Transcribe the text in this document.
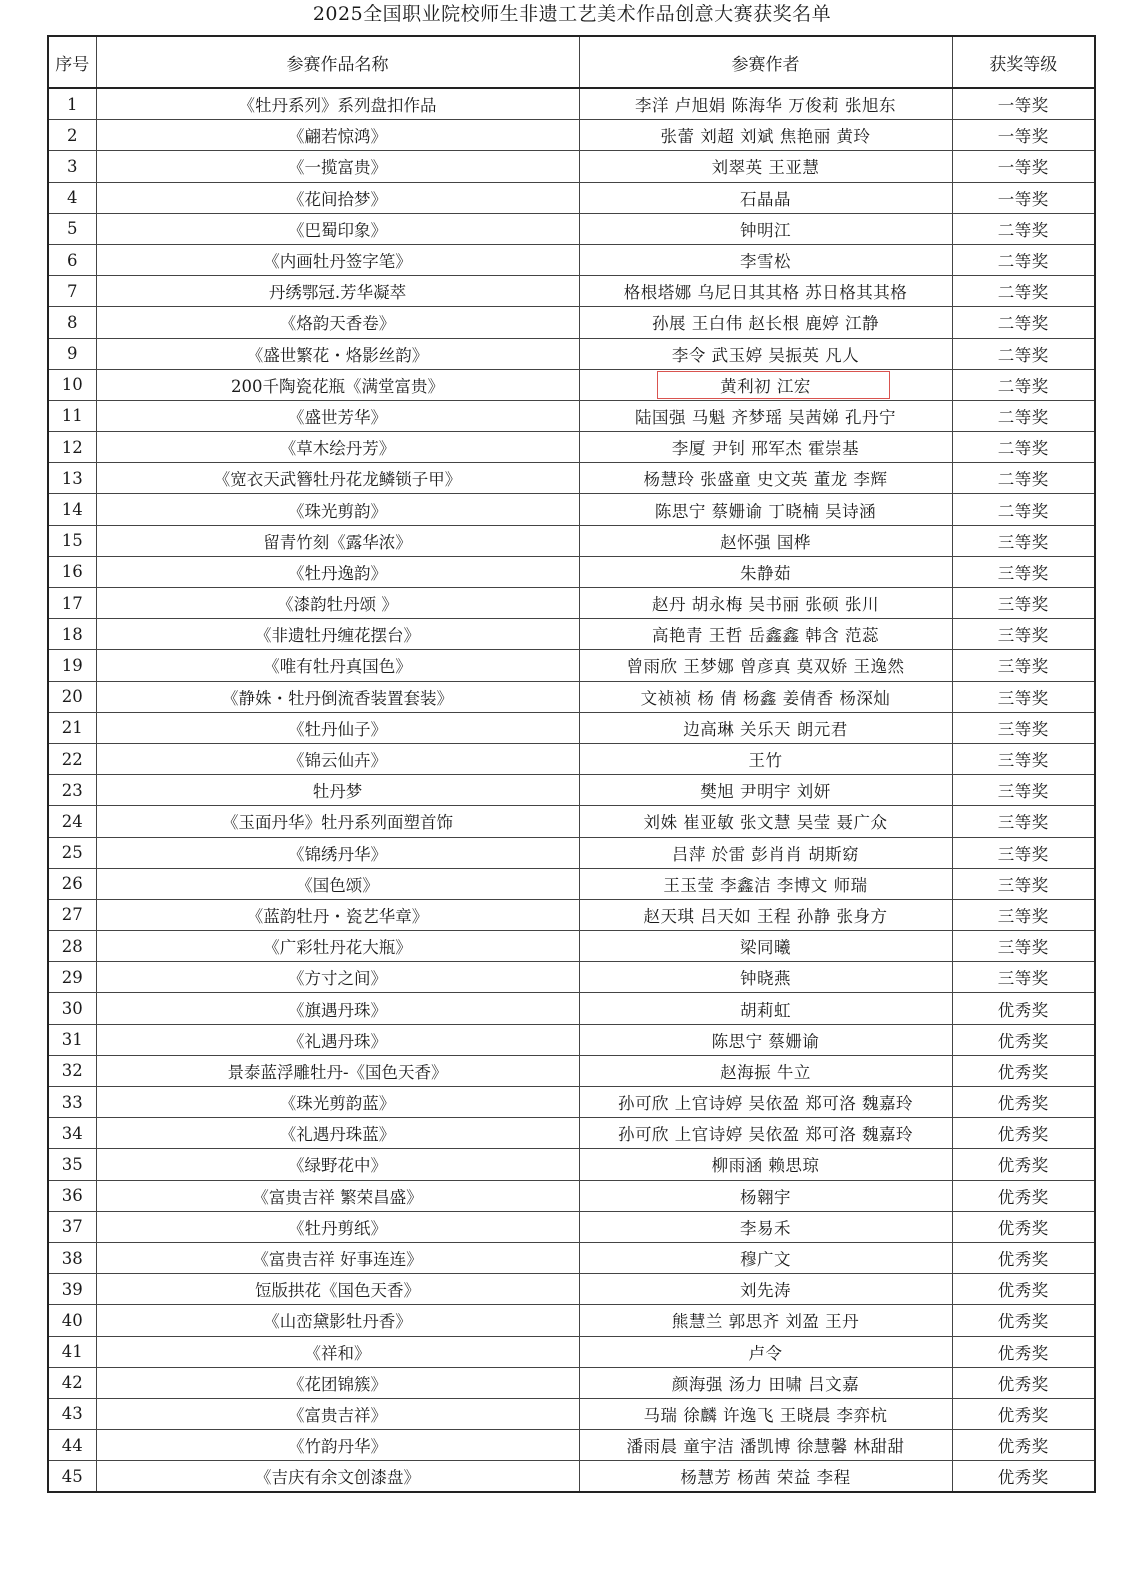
2025全国职业院校师生非遗工艺美术作品创意大赛获奖名单
序号	参赛作品名称	参赛作者	获奖等级
1	《牡丹系列》系列盘扣作品	李洋 卢旭娟 陈海华 万俊莉 张旭东	一等奖
2	《翩若惊鸿》	张蕾 刘超 刘斌 焦艳丽 黄玲	一等奖
3	《一揽富贵》	刘翠英 王亚慧	一等奖
4	《花间拾梦》	石晶晶	一等奖
5	《巴蜀印象》	钟明江	二等奖
6	《内画牡丹签字笔》	李雪松	二等奖
7	丹绣鄂冠.芳华凝萃	格根塔娜 乌尼日其其格 苏日格其其格	二等奖
8	《烙韵天香卷》	孙展 王白伟 赵长根 鹿婷 江静	二等奖
9	《盛世繁花・烙影丝韵》	李令 武玉婷 吴振英 凡人	二等奖
10	200千陶瓷花瓶《满堂富贵》	黄利初 江宏	二等奖
11	《盛世芳华》	陆国强 马魁 齐梦瑶 吴茜娣 孔丹宁	二等奖
12	《草木绘丹芳》	李厦 尹钊 邢军杰 霍崇基	二等奖
13	《宽衣天武簪牡丹花龙鳞锁子甲》	杨慧玲 张盛童 史文英 董龙 李辉	二等奖
14	《珠光剪韵》	陈思宁 蔡姗谕 丁晓楠 吴诗涵	二等奖
15	留青竹刻《露华浓》	赵怀强 国桦	三等奖
16	《牡丹逸韵》	朱静茹	三等奖
17	《漆韵牡丹颂 》	赵丹 胡永梅 吴书丽 张硕 张川	三等奖
18	《非遗牡丹缠花摆台》	高艳青 王哲 岳鑫鑫 韩含 范蕊	三等奖
19	《唯有牡丹真国色》	曾雨欣 王梦娜 曾彦真 莫双娇 王逸然	三等奖
20	《静姝・牡丹倒流香装置套装》	文祯祯 杨 倩 杨鑫 姜倩香 杨深灿	三等奖
21	《牡丹仙子》	边高琳 关乐天 朗元君	三等奖
22	《锦云仙卉》	王竹	三等奖
23	牡丹梦	樊旭 尹明宇 刘妍	三等奖
24	《玉面丹华》牡丹系列面塑首饰	刘姝 崔亚敏 张文慧 吴莹 聂广众	三等奖
25	《锦绣丹华》	吕萍 於雷 彭肖肖 胡斯窈	三等奖
26	《国色颂》	王玉莹 李鑫洁 李博文 师瑞	三等奖
27	《蓝韵牡丹・瓷艺华章》	赵天琪 吕天如 王程 孙静 张身方	三等奖
28	《广彩牡丹花大瓶》	梁同曦	三等奖
29	《方寸之间》	钟晓燕	三等奖
30	《旗遇丹珠》	胡莉虹	优秀奖
31	《礼遇丹珠》	陈思宁 蔡姗谕	优秀奖
32	景泰蓝浮雕牡丹-《国色天香》	赵海振 牛立	优秀奖
33	《珠光剪韵蓝》	孙可欣 上官诗婷 吴依盈 郑可洛 魏嘉玲	优秀奖
34	《礼遇丹珠蓝》	孙可欣 上官诗婷 吴依盈 郑可洛 魏嘉玲	优秀奖
35	《绿野花中》	柳雨涵 赖思琼	优秀奖
36	《富贵吉祥 繁荣昌盛》	杨翱宇	优秀奖
37	《牡丹剪纸》	李易禾	优秀奖
38	《富贵吉祥 好事连连》	穆广文	优秀奖
39	饾版拱花《国色天香》	刘先涛	优秀奖
40	《山峦黛影牡丹香》	熊慧兰 郭思齐 刘盈 王丹	优秀奖
41	《祥和》	卢令	优秀奖
42	《花团锦簇》	颜海强 汤力 田啸 吕文嘉	优秀奖
43	《富贵吉祥》	马瑞 徐麟 许逸飞 王晓晨 李弈杭	优秀奖
44	《竹韵丹华》	潘雨晨 童宇洁 潘凯博 徐慧馨 林甜甜	优秀奖
45	《吉庆有余文创漆盘》	杨慧芳 杨茜 荣益 李程	优秀奖
